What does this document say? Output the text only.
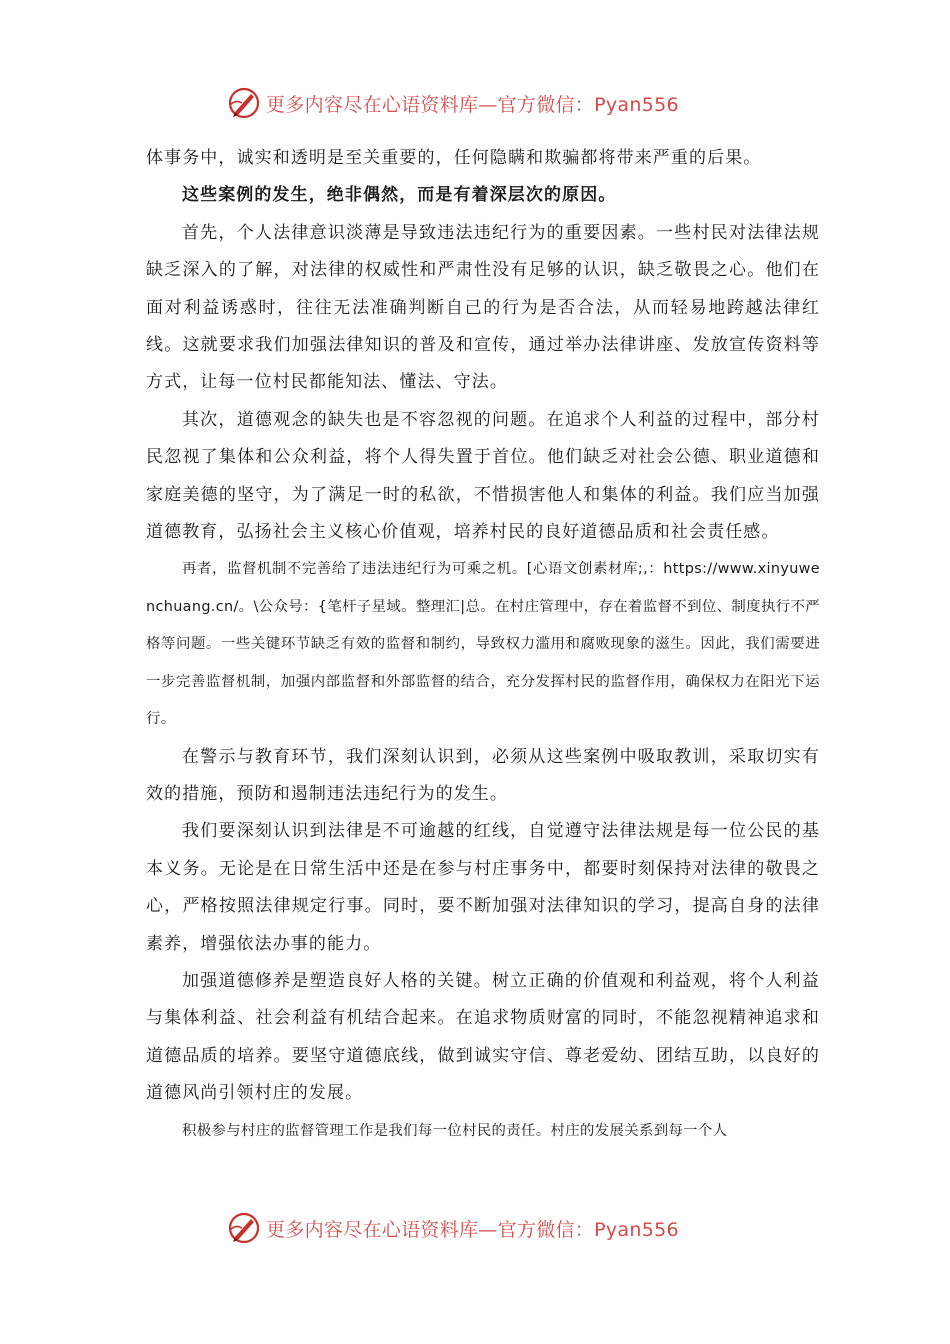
更多内容尽在心语资料库—官方微信：Pyan556

体事务中，诚实和透明是至关重要的，任何隐瞒和欺骗都将带来严重的后果。

这些案例的发生，绝非偶然，而是有着深层次的原因。

首先，个人法律意识淡薄是导致违法违纪行为的重要因素。一些村民对法律法规缺乏深入的了解，对法律的权威性和严肃性没有足够的认识，缺乏敬畏之心。他们在面对利益诱惑时，往往无法准确判断自己的行为是否合法，从而轻易地跨越法律红线。这就要求我们加强法律知识的普及和宣传，通过举办法律讲座、发放宣传资料等方式，让每一位村民都能知法、懂法、守法。

其次，道德观念的缺失也是不容忽视的问题。在追求个人利益的过程中，部分村民忽视了集体和公众利益，将个人得失置于首位。他们缺乏对社会公德、职业道德和家庭美德的坚守，为了满足一时的私欲，不惜损害他人和集体的利益。我们应当加强道德教育，弘扬社会主义核心价值观，培养村民的良好道德品质和社会责任感。

再者，监督机制不完善给了违法违纪行为可乘之机。[心语文创素材库;,：https://www.xinyuwenchuang.cn/。\公众号：{笔杆子星域。整理汇|总。在村庄管理中，存在着监督不到位、制度执行不严格等问题。一些关键环节缺乏有效的监督和制约，导致权力滥用和腐败现象的滋生。因此，我们需要进一步完善监督机制，加强内部监督和外部监督的结合，充分发挥村民的监督作用，确保权力在阳光下运行。

在警示与教育环节，我们深刻认识到，必须从这些案例中吸取教训，采取切实有效的措施，预防和遏制违法违纪行为的发生。

我们要深刻认识到法律是不可逾越的红线，自觉遵守法律法规是每一位公民的基本义务。无论是在日常生活中还是在参与村庄事务中，都要时刻保持对法律的敬畏之心，严格按照法律规定行事。同时，要不断加强对法律知识的学习，提高自身的法律素养，增强依法办事的能力。

加强道德修养是塑造良好人格的关键。树立正确的价值观和利益观，将个人利益与集体利益、社会利益有机结合起来。在追求物质财富的同时，不能忽视精神追求和道德品质的培养。要坚守道德底线，做到诚实守信、尊老爱幼、团结互助，以良好的道德风尚引领村庄的发展。

积极参与村庄的监督管理工作是我们每一位村民的责任。村庄的发展关系到每一个人

更多内容尽在心语资料库—官方微信：Pyan556
